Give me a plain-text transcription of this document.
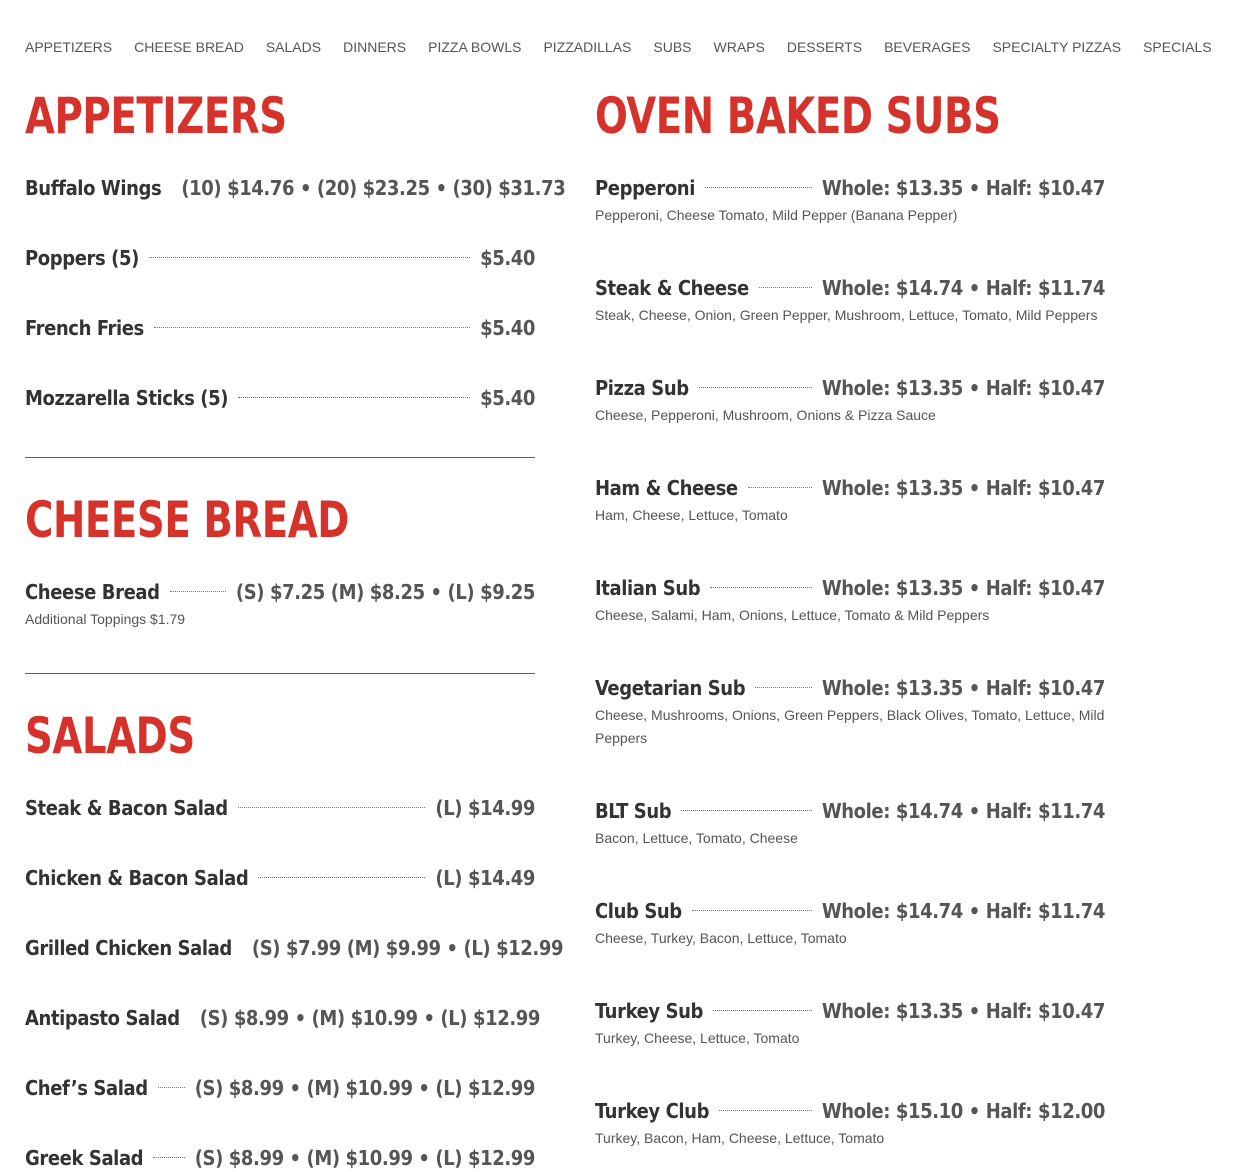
APPETIZERS CHEESE BREAD SALADS DINNERS PIZZA BOWLS PIZZADILLAS SUBS WRAPS DESSERTS BEVERAGES SPECIALTY PIZZAS SPECIALS
APPETIZERS
Buffalo Wings (10) $14.76 • (20) $23.25 • (30) $31.73
Poppers (5)	$5.40
French Fries	$5.40
Mozzarella Sticks (5)	$5.40
CHEESE BREAD
Cheese Bread	(S) $7.25 (M) $8.25 • (L) $9.25
Additional Toppings $1.79
SALADS
Steak & Bacon Salad	(L) $14.99
Chicken & Bacon Salad	(L) $14.49
Grilled Chicken Salad (S) $7.99 (M) $9.99 • (L) $12.99
Antipasto Salad (S) $8.99 • (M) $10.99 • (L) $12.99
Chef’s Salad (S) $8.99 • (M) $10.99 • (L) $12.99
Greek Salad	(S) $8.99 • (M) $10.99 • (L) $12.99
OVEN BAKED SUBS
Pepperoni	Whole: $13.35 • Half: $10.47
Pepperoni, Cheese Tomato, Mild Pepper (Banana Pepper)
Steak & Cheese	Whole: $14.74 • Half: $11.74
Steak, Cheese, Onion, Green Pepper, Mushroom, Lettuce, Tomato, Mild Peppers
Pizza Sub	Whole: $13.35 • Half: $10.47
Cheese, Pepperoni, Mushroom, Onions & Pizza Sauce
Ham & Cheese	Whole: $13.35 • Half: $10.47
Ham, Cheese, Lettuce, Tomato
Italian Sub	Whole: $13.35 • Half: $10.47
Cheese, Salami, Ham, Onions, Lettuce, Tomato & Mild Peppers
Vegetarian Sub	Whole: $13.35 • Half: $10.47
Cheese, Mushrooms, Onions, Green Peppers, Black Olives, Tomato, Lettuce, Mild Peppers
BLT Sub	Whole: $14.74 • Half: $11.74
Bacon, Lettuce, Tomato, Cheese
Club Sub	Whole: $14.74 • Half: $11.74
Cheese, Turkey, Bacon, Lettuce, Tomato
Turkey Sub	Whole: $13.35 • Half: $10.47
Turkey, Cheese, Lettuce, Tomato
Turkey Club	Whole: $15.10 • Half: $12.00
Turkey, Bacon, Ham, Cheese, Lettuce, Tomato
